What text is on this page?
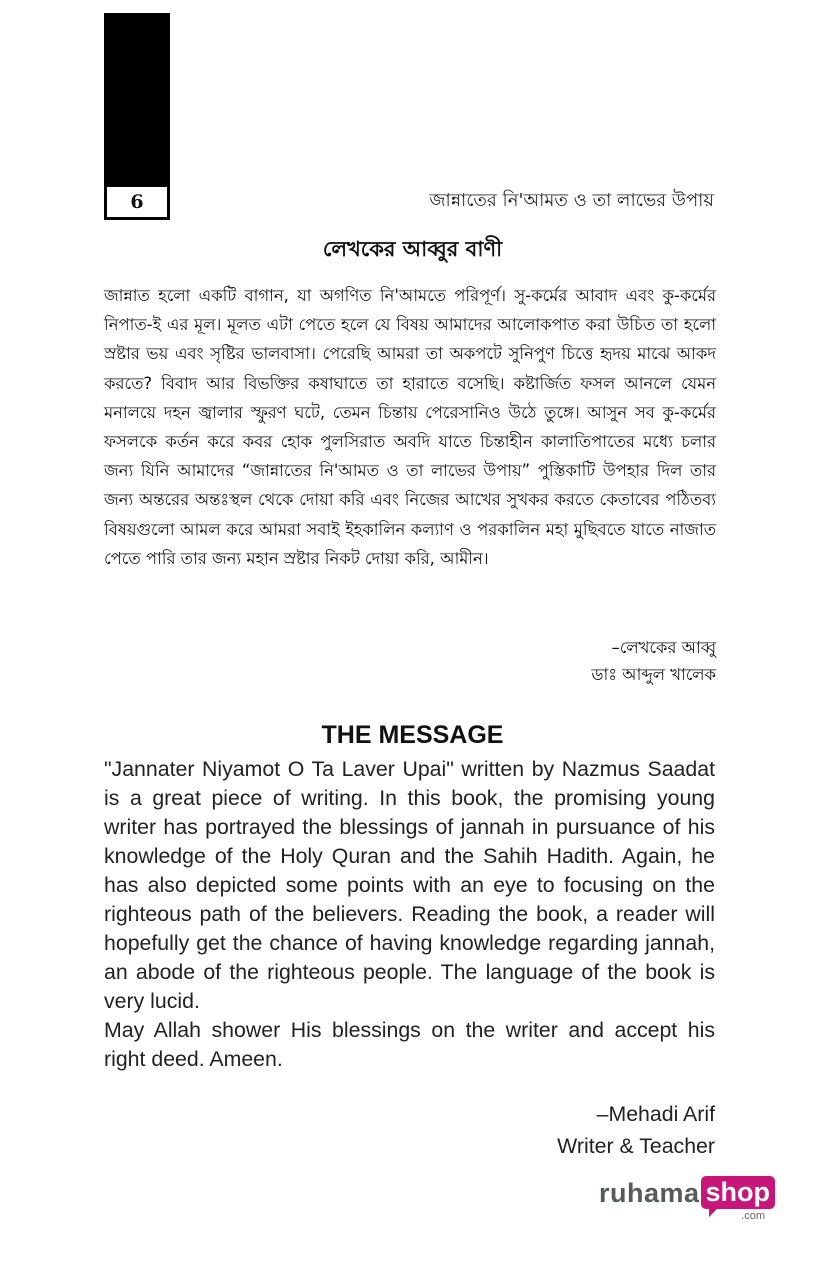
6	জান্নাতের নি'আমত ও তা লাভের উপায়
লেখকের আব্বুর বাণী
জান্নাত হলো একটি বাগান, যা অগণিত নি'আমতে পরিপূর্ণ। সু-কর্মের আবাদ এবং কু-কর্মের নিপাত-ই এর মূল। মূলত এটা পেতে হলে যে বিষয় আমাদের আলোকপাত করা উচিত তা হলো স্রষ্টার ভয় এবং সৃষ্টির ভালবাসা। পেরেছি আমরা তা অকপটে সুনিপুণ চিত্তে হৃদয় মাঝে আকদ করতে? বিবাদ আর বিভক্তির কষাঘাতে তা হারাতে বসেছি। কষ্টার্জিত ফসল আনলে যেমন মনালয়ে দহন জ্বালার স্ফুরণ ঘটে, তেমন চিন্তায় পেরেসানিও উঠে তুঙ্গে। আসুন সব কু-কর্মের ফসলকে কর্তন করে কবর হোক পুলসিরাত অবদি যাতে চিন্তাহীন কালাতিপাতের মধ্যে চলার জন্য যিনি আমাদের “জান্নাতের নি'আমত ও তা লাভের উপায়” পুস্তিকাটি উপহার দিল তার জন্য অন্তরের অন্তঃস্থল থেকে দোয়া করি এবং নিজের আখের সুখকর করতে কেতাবের পঠিতব্য বিষয়গুলো আমল করে আমরা সবাই ইহকালিন কল্যাণ ও পরকালিন মহা মুছিবতে যাতে নাজাত পেতে পারি তার জন্য মহান স্রষ্টার নিকট দোয়া করি, আমীন।
–লেখকের আব্বু
ডাঃ আব্দুল খালেক
THE MESSAGE

"Jannater Niyamot O Ta Laver Upai" written by Nazmus Saadat is a great piece of writing. In this book, the promising young writer has portrayed the blessings of jannah in pursuance of his knowledge of the Holy Quran and the Sahih Hadith. Again, he has also depicted some points with an eye to focusing on the righteous path of the believers. Reading the book, a reader will hopefully get the chance of having knowledge regarding jannah, an abode of the righteous people. The language of the book is very lucid.

May Allah shower His blessings on the writer and accept his right deed. Ameen.

–Mehadi Arif
Writer & Teacher
ruhama shop
.com
